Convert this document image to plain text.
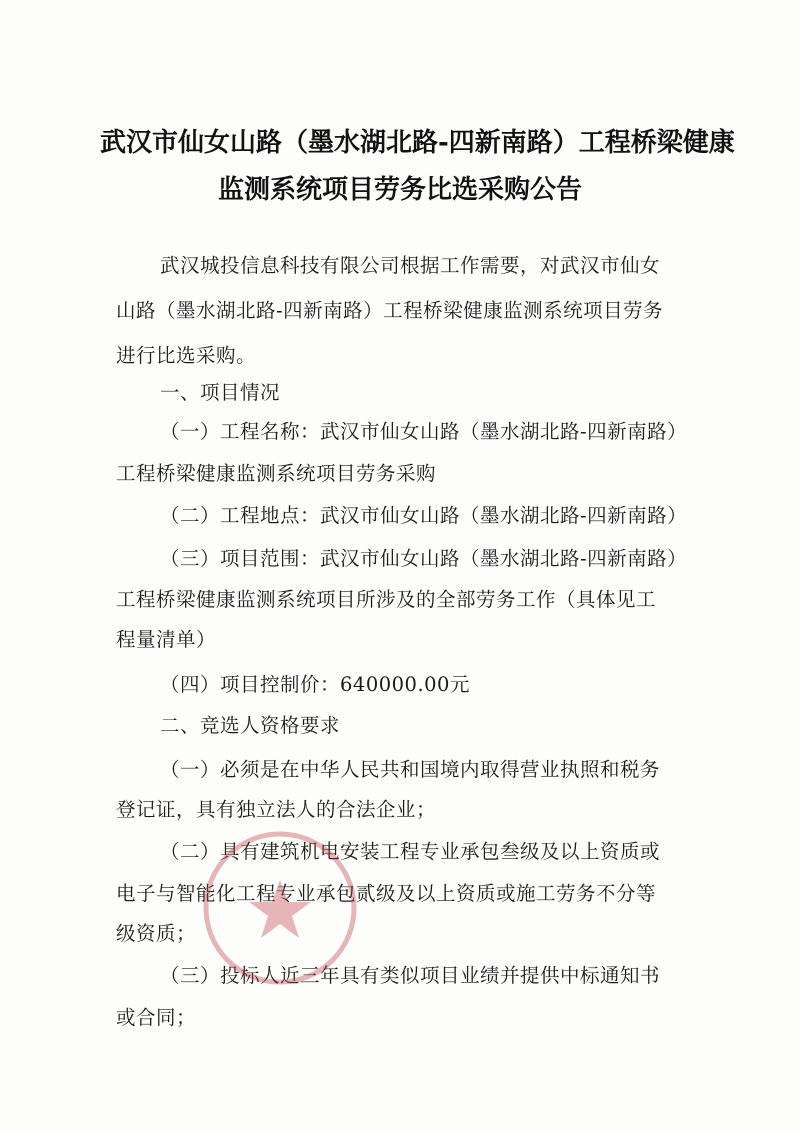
武汉市仙女山路（墨水湖北路-四新南路）工程桥梁健康
监测系统项目劳务比选采购公告
武汉城投信息科技有限公司根据工作需要，对武汉市仙女
山路（墨水湖北路-四新南路）工程桥梁健康监测系统项目劳务
进行比选采购。
一、项目情况
（一）工程名称：武汉市仙女山路（墨水湖北路-四新南路）
工程桥梁健康监测系统项目劳务采购
（二）工程地点：武汉市仙女山路（墨水湖北路-四新南路）
（三）项目范围：武汉市仙女山路（墨水湖北路-四新南路）
工程桥梁健康监测系统项目所涉及的全部劳务工作（具体见工
程量清单）
（四）项目控制价：640000.00元
二、竞选人资格要求
（一）必须是在中华人民共和国境内取得营业执照和税务
登记证，具有独立法人的合法企业；
（二）具有建筑机电安装工程专业承包叁级及以上资质或
电子与智能化工程专业承包贰级及以上资质或施工劳务不分等
级资质；
（三）投标人近三年具有类似项目业绩并提供中标通知书
或合同；
